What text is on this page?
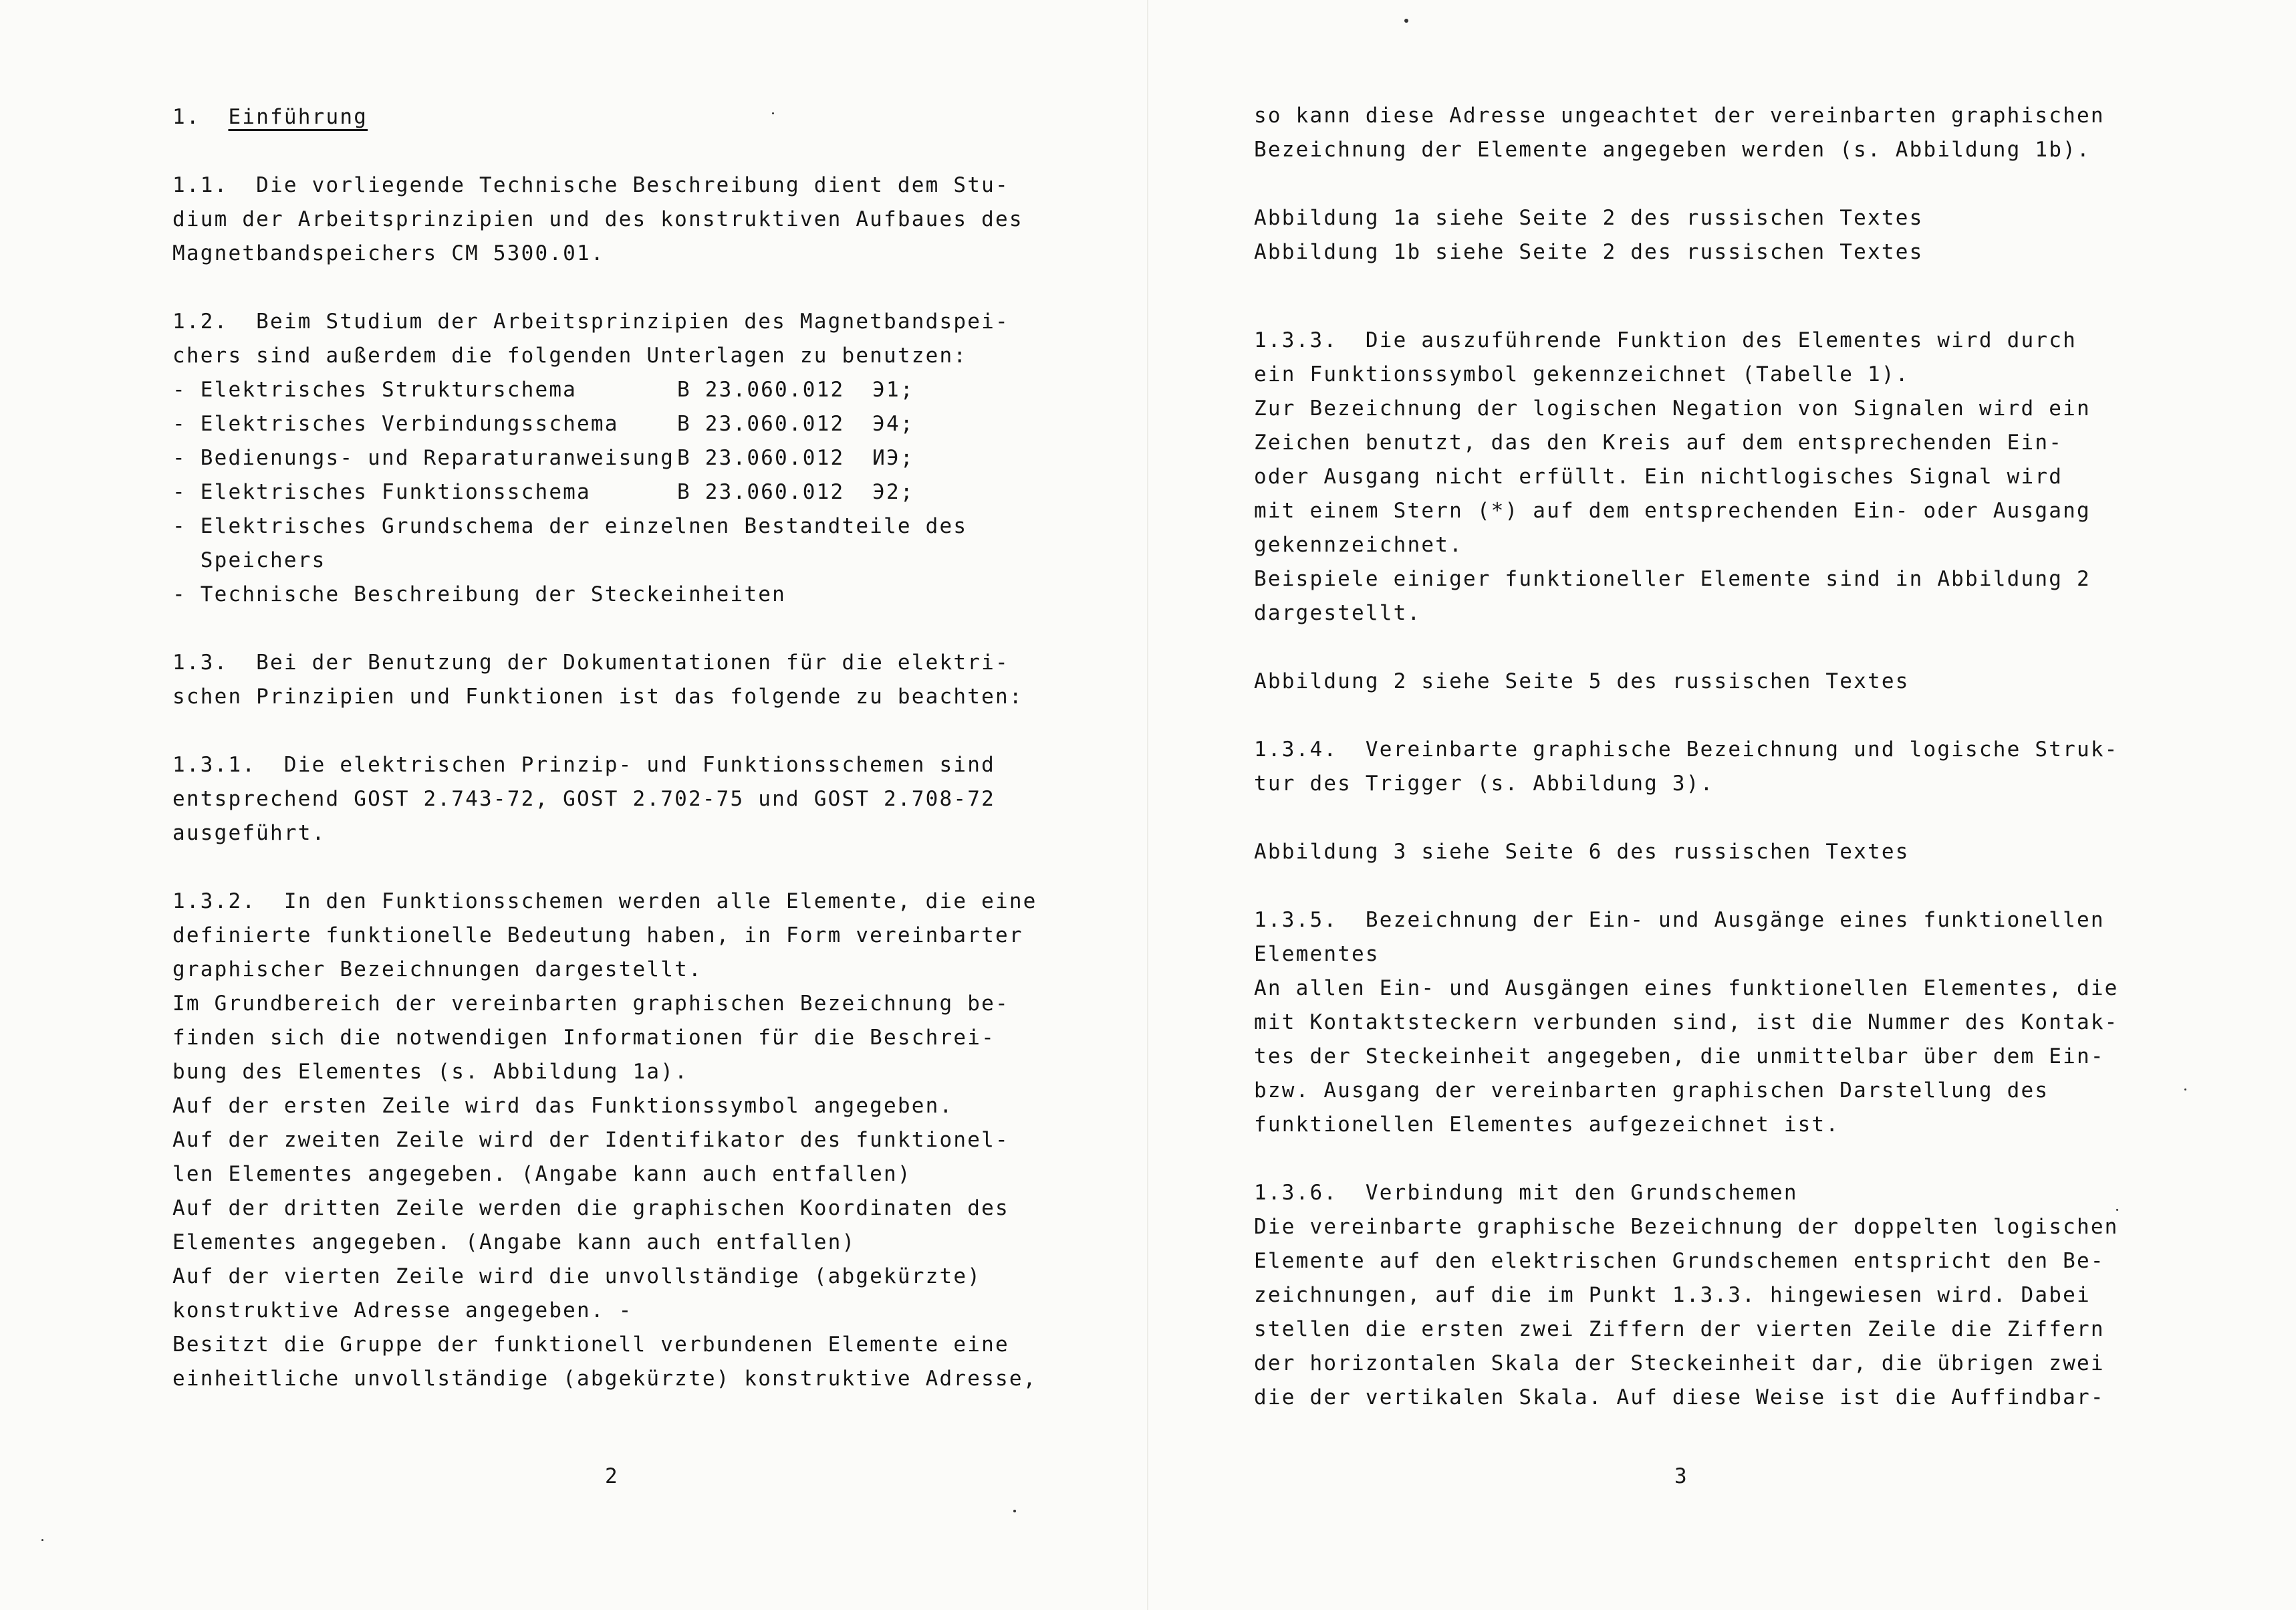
1. Einführung
1.1.  Die vorliegende Technische Beschreibung dient dem Stu-
dium der Arbeitsprinzipien und des konstruktiven Aufbaues des
Magnetbandspeichers CM 5300.01.
1.2.  Beim Studium der Arbeitsprinzipien des Magnetbandspei-
chers sind außerdem die folgenden Unterlagen zu benutzen:
- Elektrisches Strukturschema	B 23.060.012  Э1;
- Elektrisches Verbindungsschema	B 23.060.012  Э4;
- Bedienungs- und Reparaturanweisung B 23.060.012  ИЭ;
- Elektrisches Funktionsschema	B 23.060.012  Э2;
- Elektrisches Grundschema der einzelnen Bestandteile des
Speichers
- Technische Beschreibung der Steckeinheiten
1.3.  Bei der Benutzung der Dokumentationen für die elektri-
schen Prinzipien und Funktionen ist das folgende zu beachten:
1.3.1.  Die elektrischen Prinzip- und Funktionsschemen sind
entsprechend GOST 2.743-72, GOST 2.702-75 und GOST 2.708-72
ausgeführt.
1.3.2.  In den Funktionsschemen werden alle Elemente, die eine
definierte funktionelle Bedeutung haben, in Form vereinbarter
graphischer Bezeichnungen dargestellt.
Im Grundbereich der vereinbarten graphischen Bezeichnung be-
finden sich die notwendigen Informationen für die Beschrei-
bung des Elementes (s. Abbildung 1a).
Auf der ersten Zeile wird das Funktionssymbol angegeben.
Auf der zweiten Zeile wird der Identifikator des funktionel-
len Elementes angegeben. (Angabe kann auch entfallen)
Auf der dritten Zeile werden die graphischen Koordinaten des
Elementes angegeben. (Angabe kann auch entfallen)
Auf der vierten Zeile wird die unvollständige (abgekürzte)
konstruktive Adresse angegeben. -
Besitzt die Gruppe der funktionell verbundenen Elemente eine
einheitliche unvollständige (abgekürzte) konstruktive Adresse,
2
so kann diese Adresse ungeachtet der vereinbarten graphischen
Bezeichnung der Elemente angegeben werden (s. Abbildung 1b).
Abbildung 1a siehe Seite 2 des russischen Textes
Abbildung 1b siehe Seite 2 des russischen Textes
1.3.3.  Die auszuführende Funktion des Elementes wird durch
ein Funktionssymbol gekennzeichnet (Tabelle 1).
Zur Bezeichnung der logischen Negation von Signalen wird ein
Zeichen benutzt, das den Kreis auf dem entsprechenden Ein-
oder Ausgang nicht erfüllt. Ein nichtlogisches Signal wird
mit einem Stern (*) auf dem entsprechenden Ein- oder Ausgang
gekennzeichnet.
Beispiele einiger funktioneller Elemente sind in Abbildung 2
dargestellt.
Abbildung 2 siehe Seite 5 des russischen Textes
1.3.4.  Vereinbarte graphische Bezeichnung und logische Struk-
tur des Trigger (s. Abbildung 3).
Abbildung 3 siehe Seite 6 des russischen Textes
1.3.5.  Bezeichnung der Ein- und Ausgänge eines funktionellen
Elementes
An allen Ein- und Ausgängen eines funktionellen Elementes, die
mit Kontaktsteckern verbunden sind, ist die Nummer des Kontak-
tes der Steckeinheit angegeben, die unmittelbar über dem Ein-
bzw. Ausgang der vereinbarten graphischen Darstellung des
funktionellen Elementes aufgezeichnet ist.
1.3.6.  Verbindung mit den Grundschemen
Die vereinbarte graphische Bezeichnung der doppelten logischen
Elemente auf den elektrischen Grundschemen entspricht den Be-
zeichnungen, auf die im Punkt 1.3.3. hingewiesen wird. Dabei
stellen die ersten zwei Ziffern der vierten Zeile die Ziffern
der horizontalen Skala der Steckeinheit dar, die übrigen zwei
die der vertikalen Skala. Auf diese Weise ist die Auffindbar-
3
